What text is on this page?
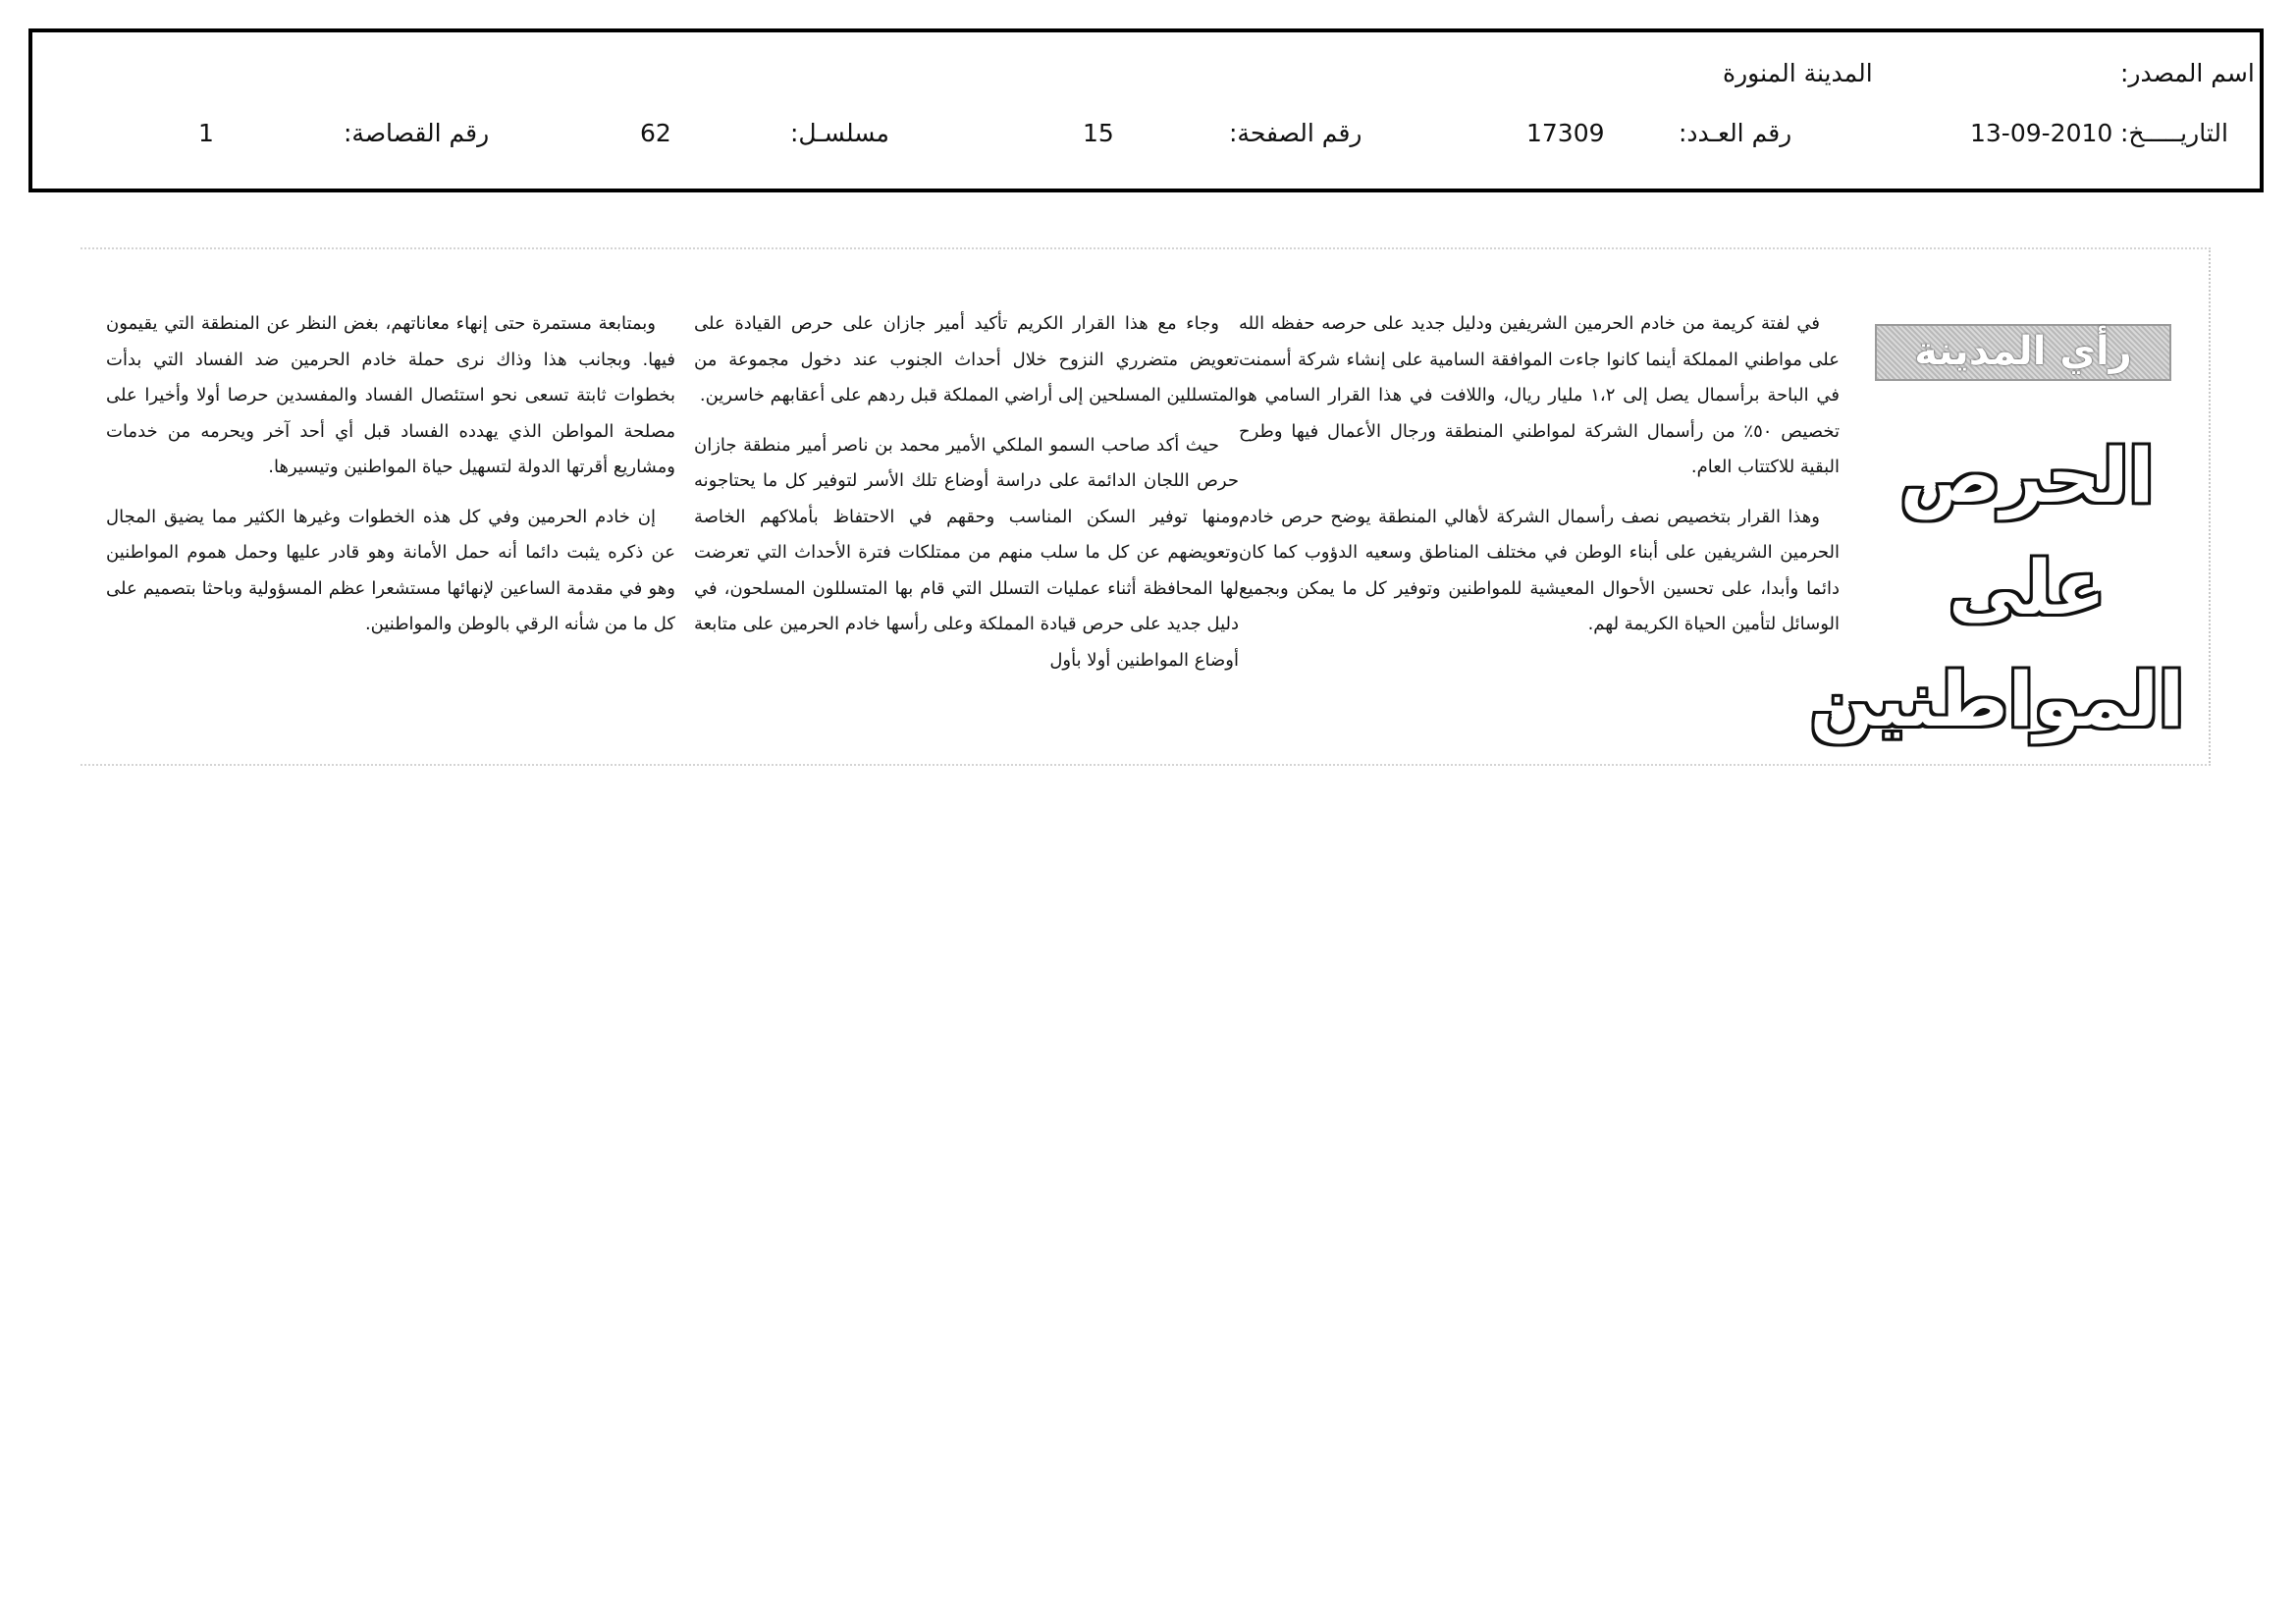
اسم المصدر:
المدينة المنورة
التاريـــــخ:
13-09-2010
رقم العـدد:
17309
رقم الصفحة:
15
مسلسـل:
62
رقم القصاصة:
1
رأي المدينة
الحرص
على
المواطنين

في لفتة كريمة من خادم الحرمين الشريفين ودليل جديد على حرصه حفظه الله على مواطني المملكة أينما كانوا جاءت الموافقة السامية على إنشاء شركة أسمنت في الباحة برأسمال يصل إلى ١،٢ مليار ريال، واللافت في هذا القرار السامي هو تخصيص ٥٠٪ من رأسمال الشركة لمواطني المنطقة ورجال الأعمال فيها وطرح البقية للاكتتاب العام.

وهذا القرار بتخصيص نصف رأسمال الشركة لأهالي المنطقة يوضح حرص خادم الحرمين الشريفين على أبناء الوطن في مختلف المناطق وسعيه الدؤوب كما كان دائما وأبدا، على تحسين الأحوال المعيشية للمواطنين وتوفير كل ما يمكن وبجميع الوسائل لتأمين الحياة الكريمة لهم.

وجاء مع هذا القرار الكريم تأكيد أمير جازان على حرص القيادة على تعويض متضرري النزوح خلال أحداث الجنوب عند دخول مجموعة من المتسللين المسلحين إلى أراضي المملكة قبل ردهم على أعقابهم خاسرين.

حيث أكد صاحب السمو الملكي الأمير محمد بن ناصر أمير منطقة جازان حرص اللجان الدائمة على دراسة أوضاع تلك الأسر لتوفير كل ما يحتاجونه ومنها توفير السكن المناسب وحقهم في الاحتفاظ بأملاكهم الخاصة وتعويضهم عن كل ما سلب منهم من ممتلكات فترة الأحداث التي تعرضت لها المحافظة أثناء عمليات التسلل التي قام بها المتسللون المسلحون، في دليل جديد على حرص قيادة المملكة وعلى رأسها خادم الحرمين على متابعة أوضاع المواطنين أولا بأول

وبمتابعة مستمرة حتى إنهاء معاناتهم، بغض النظر عن المنطقة التي يقيمون فيها. وبجانب هذا وذاك نرى حملة خادم الحرمين ضد الفساد التي بدأت بخطوات ثابتة تسعى نحو استئصال الفساد والمفسدين حرصا أولا وأخيرا على مصلحة المواطن الذي يهدده الفساد قبل أي أحد آخر ويحرمه من خدمات ومشاريع أقرتها الدولة لتسهيل حياة المواطنين وتيسيرها.

إن خادم الحرمين وفي كل هذه الخطوات وغيرها الكثير مما يضيق المجال عن ذكره يثبت دائما أنه حمل الأمانة وهو قادر عليها وحمل هموم المواطنين وهو في مقدمة الساعين لإنهائها مستشعرا عظم المسؤولية وباحثا بتصميم على كل ما من شأنه الرقي بالوطن والمواطنين.
